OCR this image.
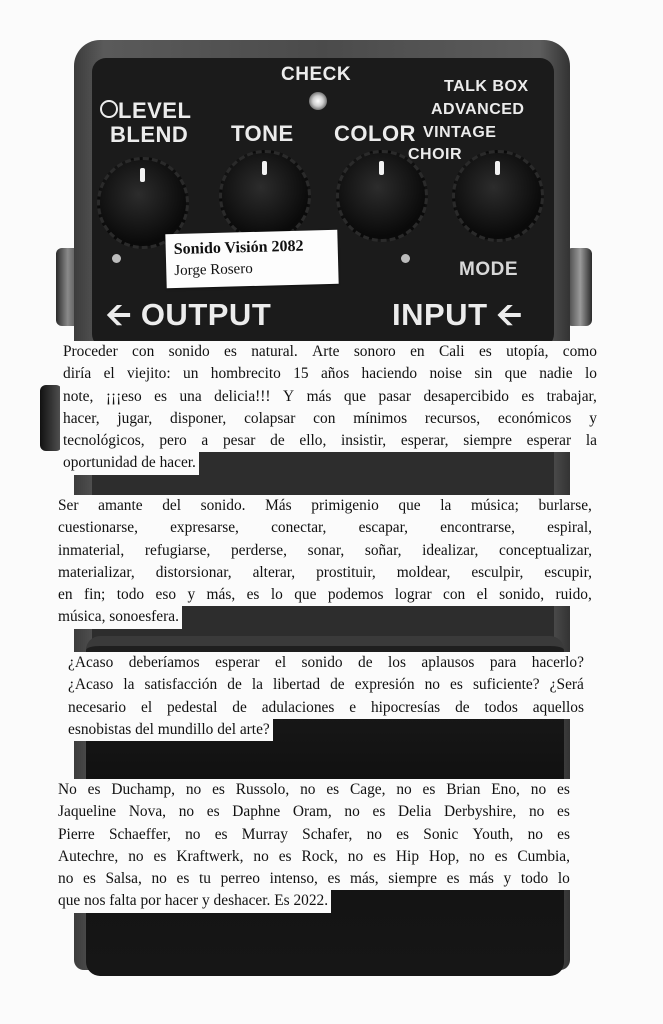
CHECK
LEVEL
BLEND TONE COLOR
TALK BOX
ADVANCED
VINTAGE
CHOIR
MODE
🡨 OUTPUT	INPUT 🡨
Sonido Visión 2082
Jorge Rosero
Proceder con sonido es natural. Arte sonoro en Cali es utopía, como
diría el viejito: un hombrecito 15 años haciendo noise sin que nadie lo
note, ¡¡¡eso es una delicia!!! Y más que pasar desapercibido es trabajar,
hacer, jugar, disponer, colapsar con mínimos recursos, económicos y
tecnológicos, pero a pesar de ello, insistir, esperar, siempre esperar la
oportunidad de hacer.
Ser amante del sonido. Más primigenio que la música; burlarse,
cuestionarse, expresarse, conectar, escapar, encontrarse, espiral,
inmaterial, refugiarse, perderse, sonar, soñar, idealizar, conceptualizar,
materializar, distorsionar, alterar, prostituir, moldear, esculpir, escupir,
en fin; todo eso y más, es lo que podemos lograr con el sonido, ruido,
música, sonoesfera.
¿Acaso deberíamos esperar el sonido de los aplausos para hacerlo?
¿Acaso la satisfacción de la libertad de expresión no es suficiente? ¿Será
necesario el pedestal de adulaciones e hipocresías de todos aquellos
esnobistas del mundillo del arte?
No es Duchamp, no es Russolo, no es Cage, no es Brian Eno, no es
Jaqueline Nova, no es Daphne Oram, no es Delia Derbyshire, no es
Pierre Schaeffer, no es Murray Schafer, no es Sonic Youth, no es
Autechre, no es Kraftwerk, no es Rock, no es Hip Hop, no es Cumbia,
no es Salsa, no es tu perreo intenso, es más, siempre es más y todo lo
que nos falta por hacer y deshacer. Es 2022.
